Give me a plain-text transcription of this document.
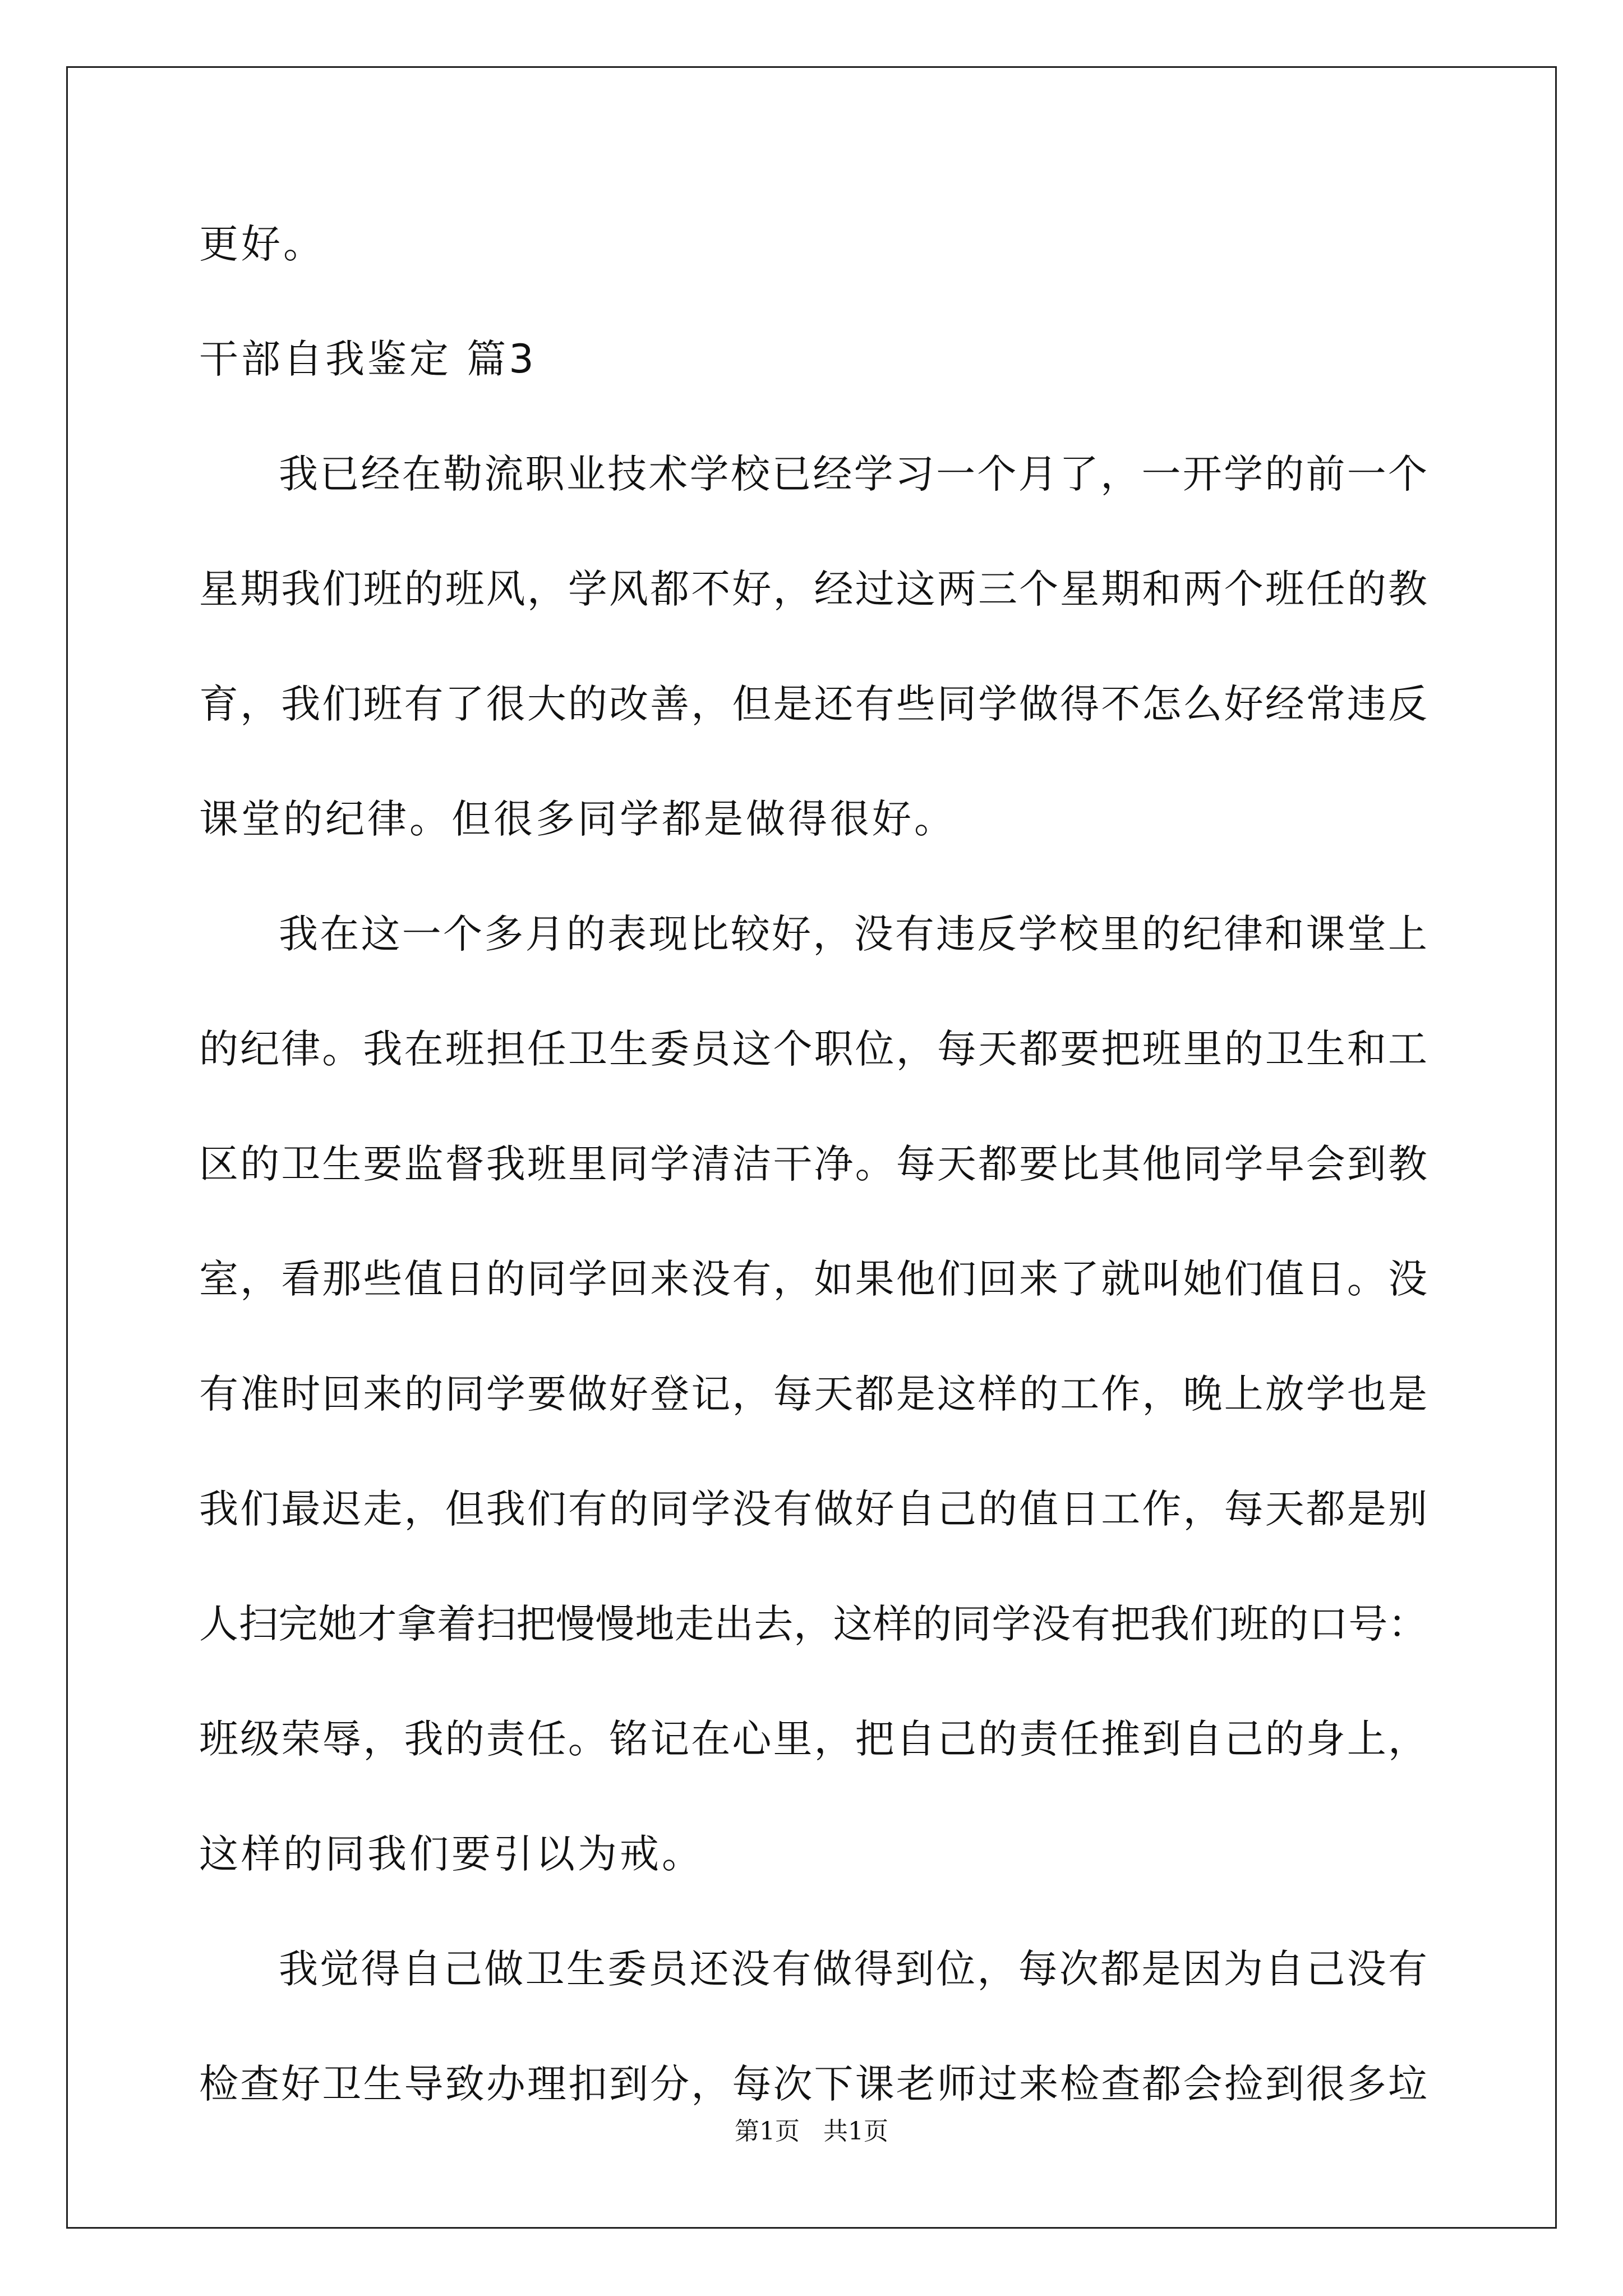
更好。
干部自我鉴定 篇3
我已经在勒流职业技术学校已经学习一个月了，一开学的前一个
星期我们班的班风，学风都不好，经过这两三个星期和两个班任的教
育，我们班有了很大的改善，但是还有些同学做得不怎么好经常违反
课堂的纪律。但很多同学都是做得很好。
我在这一个多月的表现比较好，没有违反学校里的纪律和课堂上
的纪律。我在班担任卫生委员这个职位，每天都要把班里的卫生和工
区的卫生要监督我班里同学清洁干净。每天都要比其他同学早会到教
室，看那些值日的同学回来没有，如果他们回来了就叫她们值日。没
有准时回来的同学要做好登记，每天都是这样的工作，晚上放学也是
我们最迟走，但我们有的同学没有做好自己的值日工作，每天都是别
人扫完她才拿着扫把慢慢地走出去，这样的同学没有把我们班的口号：
班级荣辱，我的责任。铭记在心里，把自己的责任推到自己的身上，
这样的同我们要引以为戒。
我觉得自己做卫生委员还没有做得到位，每次都是因为自己没有
检查好卫生导致办理扣到分，每次下课老师过来检查都会捡到很多垃
第1页   共1页
